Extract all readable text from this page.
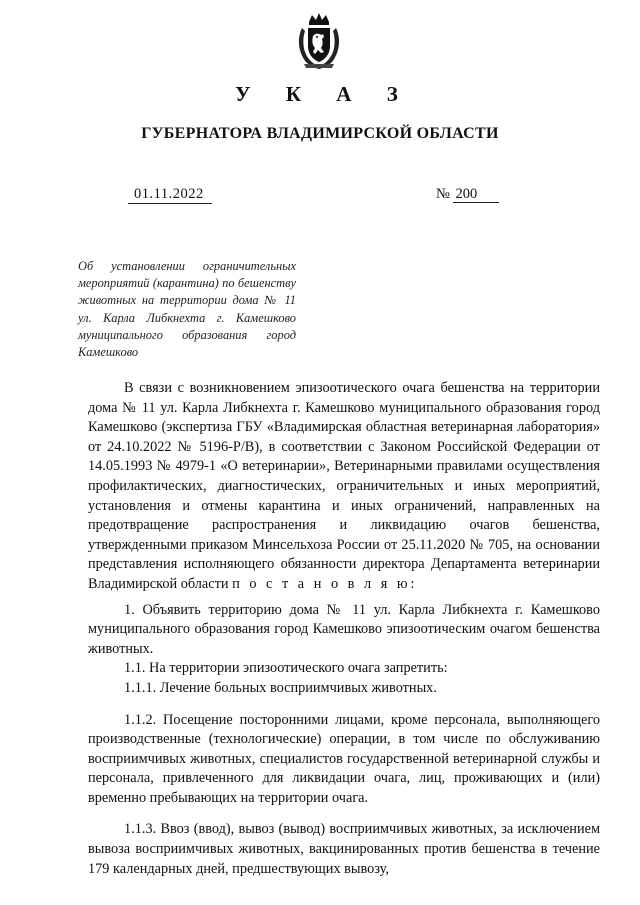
У К А З
ГУБЕРНАТОРА ВЛАДИМИРСКОЙ ОБЛАСТИ
01.11.2022	№ 200
Об установлении ограничительных мероприятий (карантина) по бешенству животных на территории дома № 11 ул. Карла Либкнехта г. Камешково муниципального образования город Камешково

В связи с возникновением эпизоотического очага бешенства на территории дома № 11 ул. Карла Либкнехта г. Камешково муниципального образования город Камешково (экспертиза ГБУ «Владимирская областная ветеринарная лаборатория» от 24.10.2022 № 5196-Р/В), в соответствии с Законом Российской Федерации от 14.05.1993 № 4979-1 «О ветеринарии», Ветеринарными правилами осуществления профилактических, диагностических, ограничительных и иных мероприятий, установления и отмены карантина и иных ограничений, направленных на предотвращение распространения и ликвидацию очагов бешенства, утвержденными приказом Минсельхоза России от 25.11.2020 № 705, на основании представления исполняющего обязанности директора Департамента ветеринарии Владимирской области п о с т а н о в л я ю:

1. Объявить территорию дома № 11 ул. Карла Либкнехта г. Камешково муниципального образования город Камешково эпизоотическим очагом бешенства животных.

1.1. На территории эпизоотического очага запретить:

1.1.1. Лечение больных восприимчивых животных.

1.1.2. Посещение посторонними лицами, кроме персонала, выполняющего производственные (технологические) операции, в том числе по обслуживанию восприимчивых животных, специалистов государственной ветеринарной службы и персонала, привлеченного для ликвидации очага, лиц, проживающих и (или) временно пребывающих на территории очага.

1.1.3. Ввоз (ввод), вывоз (вывод) восприимчивых животных, за исключением вывоза восприимчивых животных, вакцинированных против бешенства в течение 179 календарных дней, предшествующих вывозу,
